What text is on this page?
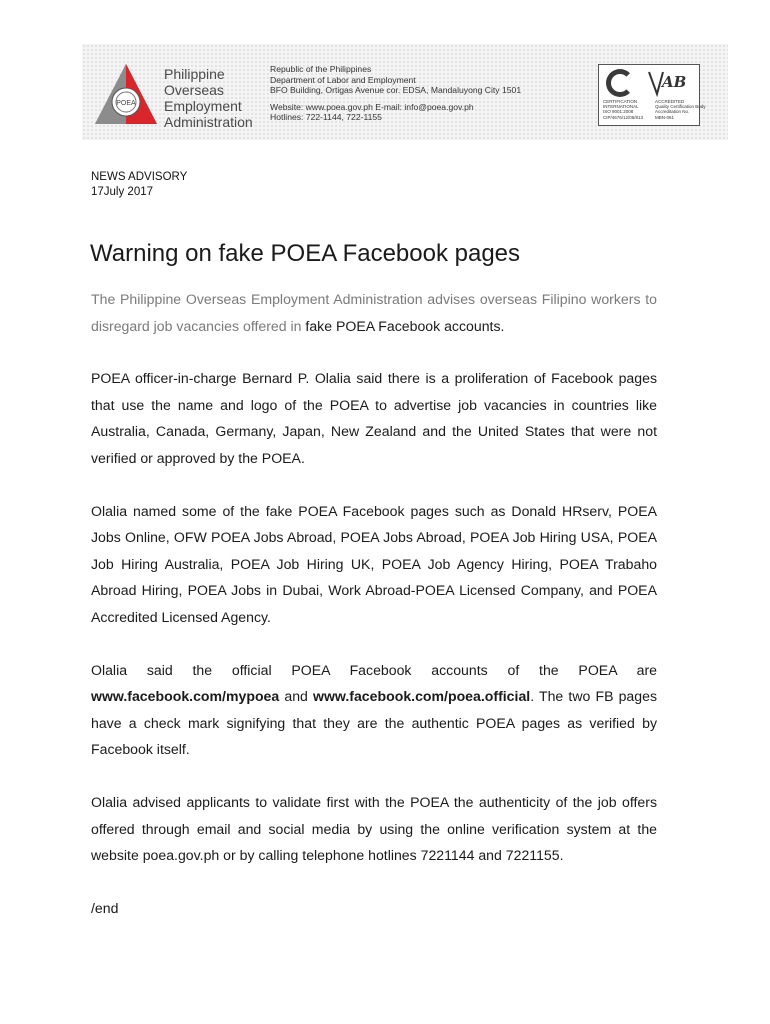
POEA
Philippine
Overseas
Employment
Administration
Republic of the Philippines
Department of Labor and Employment
BFO Building, Ortigas Avenue cor. EDSA, Mandaluyong City 1501
Website: www.poea.gov.ph E-mail: info@poea.gov.ph
Hotlines: 722-1144, 722-1155
AB
CERTIFICATION
INTERNATIONAL
ISO 9001:2008
CIP/4676/12/06/813
ACCREDITED
Quality Certification Body
Accreditation No.
MBN-061
NEWS ADVISORY
17July 2017
Warning on fake POEA Facebook pages

The Philippine Overseas Employment Administration advises overseas Filipino workers to disregard job vacancies offered in fake POEA Facebook accounts.

POEA officer-in-charge Bernard P. Olalia said there is a proliferation of Facebook pages that use the name and logo of the POEA to advertise job vacancies in countries like Australia, Canada, Germany, Japan, New Zealand and the United States that were not verified or approved by the POEA.

Olalia named some of the fake POEA Facebook pages such as Donald HRserv, POEA Jobs Online, OFW POEA Jobs Abroad, POEA Jobs Abroad, POEA Job Hiring USA, POEA Job Hiring Australia, POEA Job Hiring UK, POEA Job Agency Hiring, POEA Trabaho Abroad Hiring, POEA Jobs in Dubai, Work Abroad-POEA Licensed Company, and POEA Accredited Licensed Agency.

Olalia said the official POEA Facebook accounts of the POEA are www.facebook.com/mypoea and www.facebook.com/poea.official. The two FB pages have a check mark signifying that they are the authentic POEA pages as verified by Facebook itself.

Olalia advised applicants to validate first with the POEA the authenticity of the job offers offered through email and social media by using the online verification system at the website poea.gov.ph or by calling telephone hotlines 7221144 and 7221155.

/end
